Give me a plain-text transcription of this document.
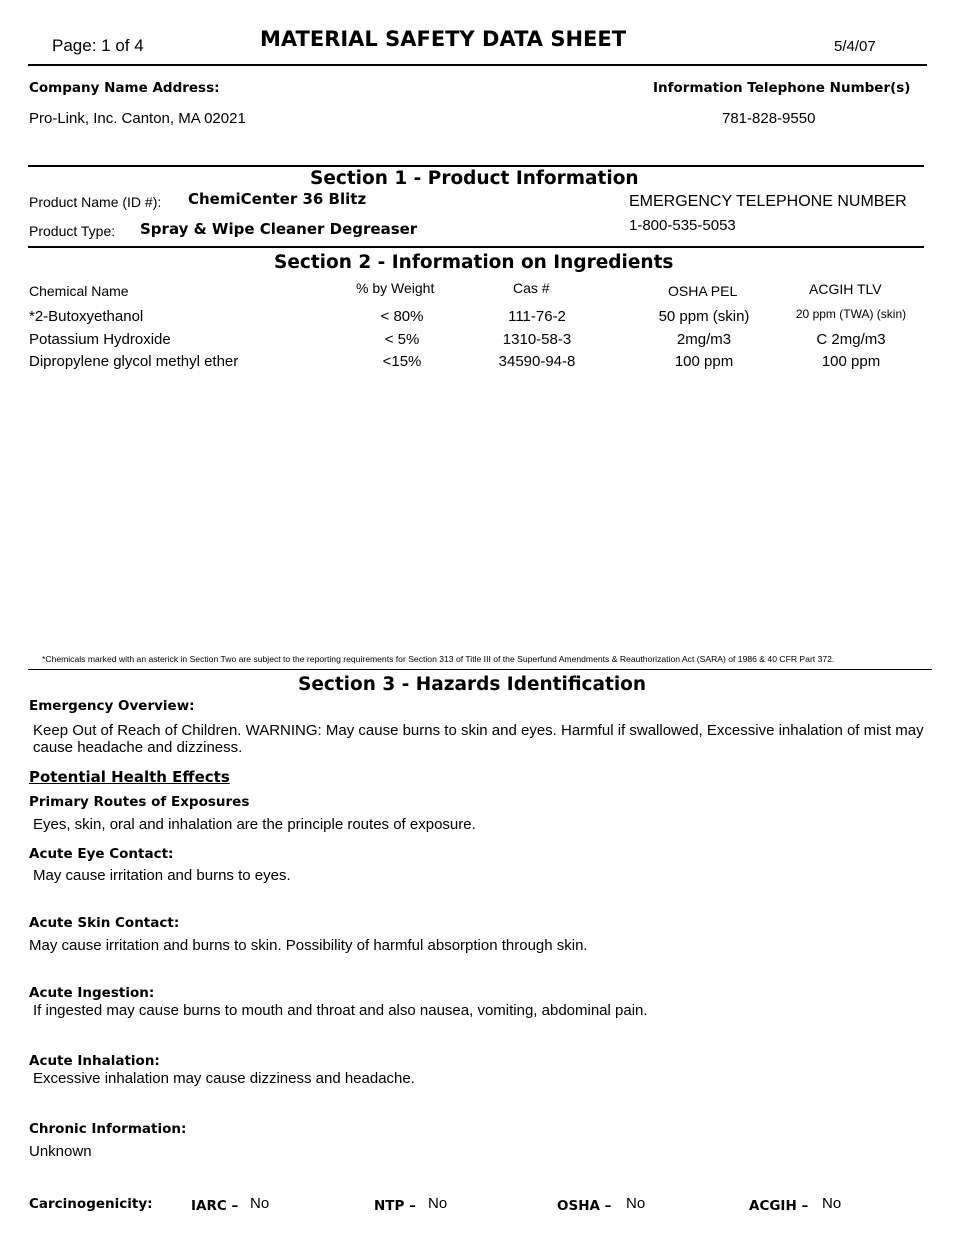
Page: 1 of 4	MATERIAL SAFETY DATA SHEET	5/4/07
Company Name Address:
Pro-Link, Inc. Canton, MA 02021
Information Telephone Number(s)
781-828-9550
Section 1 - Product Information
Product Name (ID #): ChemiCenter 36 Blitz
Product Type: Spray & Wipe Cleaner Degreaser
EMERGENCY TELEPHONE NUMBER
1-800-535-5053
Section 2 - Information on Ingredients
Chemical Name	% by Weight	Cas #	OSHA PEL	ACGIH TLV
*2-Butoxyethanol	< 80%	111-76-2	50 ppm (skin)	20 ppm (TWA) (skin)
Potassium Hydroxide	< 5%	1310-58-3	2mg/m3	C 2mg/m3
Dipropylene glycol methyl ether	<15%	34590-94-8	100 ppm	100 ppm
*Chemicals marked with an asterick in Section Two are subject to the reporting requirements for Section 313 of Title III of the Superfund Amendments & Reauthorization Act (SARA) of 1986 & 40 CFR Part 372.
Section 3 - Hazards Identification
Emergency Overview:
Keep Out of Reach of Children. WARNING: May cause burns to skin and eyes. Harmful if swallowed, Excessive inhalation of mist may cause headache and dizziness.
Potential Health Effects
Primary Routes of Exposures
Eyes, skin, oral and inhalation are the principle routes of exposure.
Acute Eye Contact:
May cause irritation and burns to eyes.
Acute Skin Contact:
May cause irritation and burns to skin. Possibility of harmful absorption through skin.
Acute Ingestion:
If ingested may cause burns to mouth and throat and also nausea, vomiting, abdominal pain.
Acute Inhalation:
Excessive inhalation may cause dizziness and headache.
Chronic Information:
Unknown
Carcinogenicity:	IARC – No	NTP – No	OSHA – No	ACGIH – No
